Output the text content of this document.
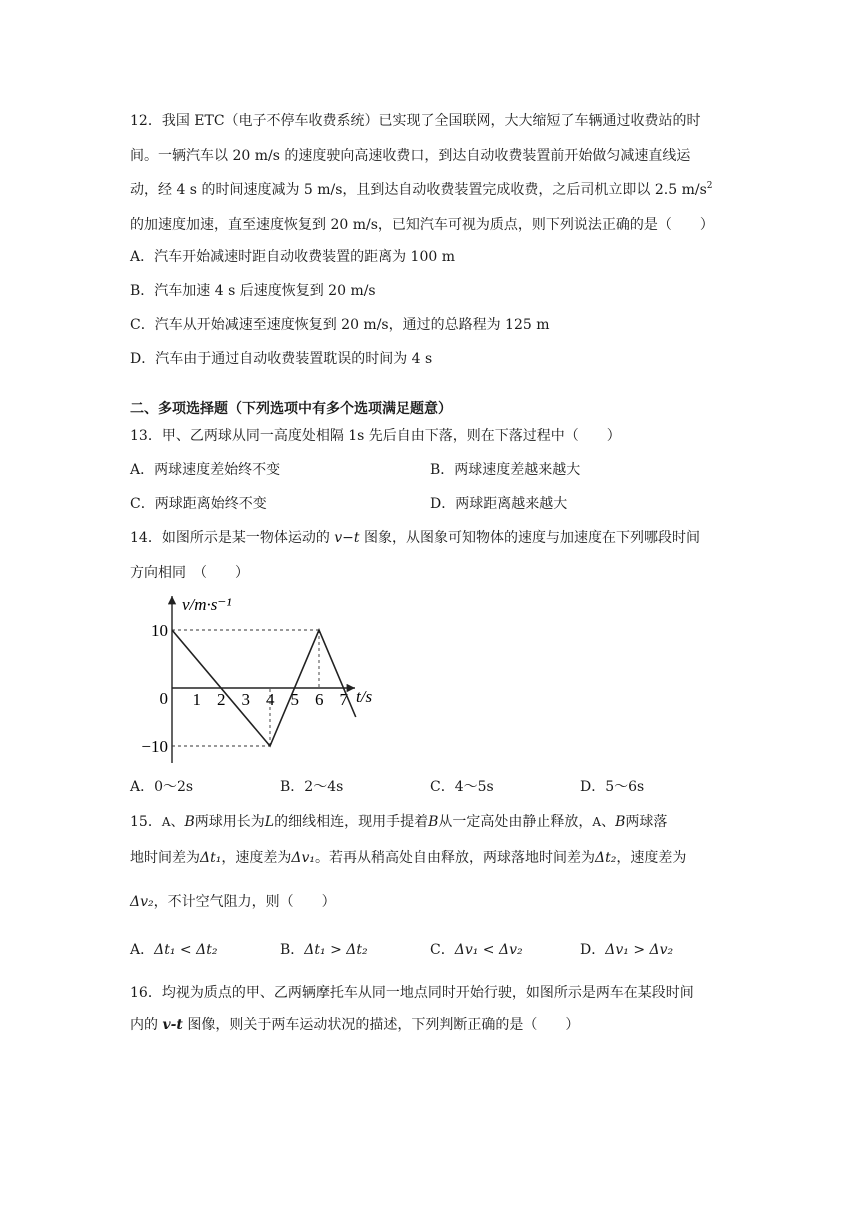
12．我国 ETC（电子不停车收费系统）已实现了全国联网，大大缩短了车辆通过收费站的时
间。一辆汽车以 20 m/s 的速度驶向高速收费口，到达自动收费装置前开始做匀减速直线运
动，经 4 s 的时间速度减为 5 m/s，且到达自动收费装置完成收费，之后司机立即以 2.5 $m/s^2$
的加速度加速，直至速度恢复到 20 m/s，已知汽车可视为质点，则下列说法正确的是（　　）
A．汽车开始减速时距自动收费装置的距离为 100 m
B．汽车加速 4 s 后速度恢复到 20 m/s
C．汽车从开始减速至速度恢复到 20 m/s，通过的总路程为 125 m
D．汽车由于通过自动收费装置耽误的时间为 4 s
二、多项选择题（下列选项中有多个选项满足题意）
13．甲、乙两球从同一高度处相隔 1s 先后自由下落，则在下落过程中（　　）
A．两球速度差始终不变	B．两球速度差越来越大
C．两球距离始终不变	D．两球距离越来越大
14．如图所示是某一物体运动的 v−t 图象，从图象可知物体的速度与加速度在下列哪段时间
方向相同　（　　）
1 2 3 4 5 6 7
10
0
−10
v/m·s⁻¹
t/s
A．0～2s	B．2～4s	C．4～5s	D．5～6s
15．A、B两球用长为L的细线相连，现用手提着B从一定高处由静止释放，A、B两球落
地时间差为Δt₁，速度差为Δv₁。若再从稍高处自由释放，两球落地时间差为Δt₂，速度差为
Δv₂，不计空气阻力，则（　　）
A．Δt₁ < Δt₂	B．Δt₁ > Δt₂	C．Δv₁ < Δv₂	D．Δv₁ > Δv₂
16．均视为质点的甲、乙两辆摩托车从同一地点同时开始行驶，如图所示是两车在某段时间
内的 v-t 图像，则关于两车运动状况的描述，下列判断正确的是（　　）
